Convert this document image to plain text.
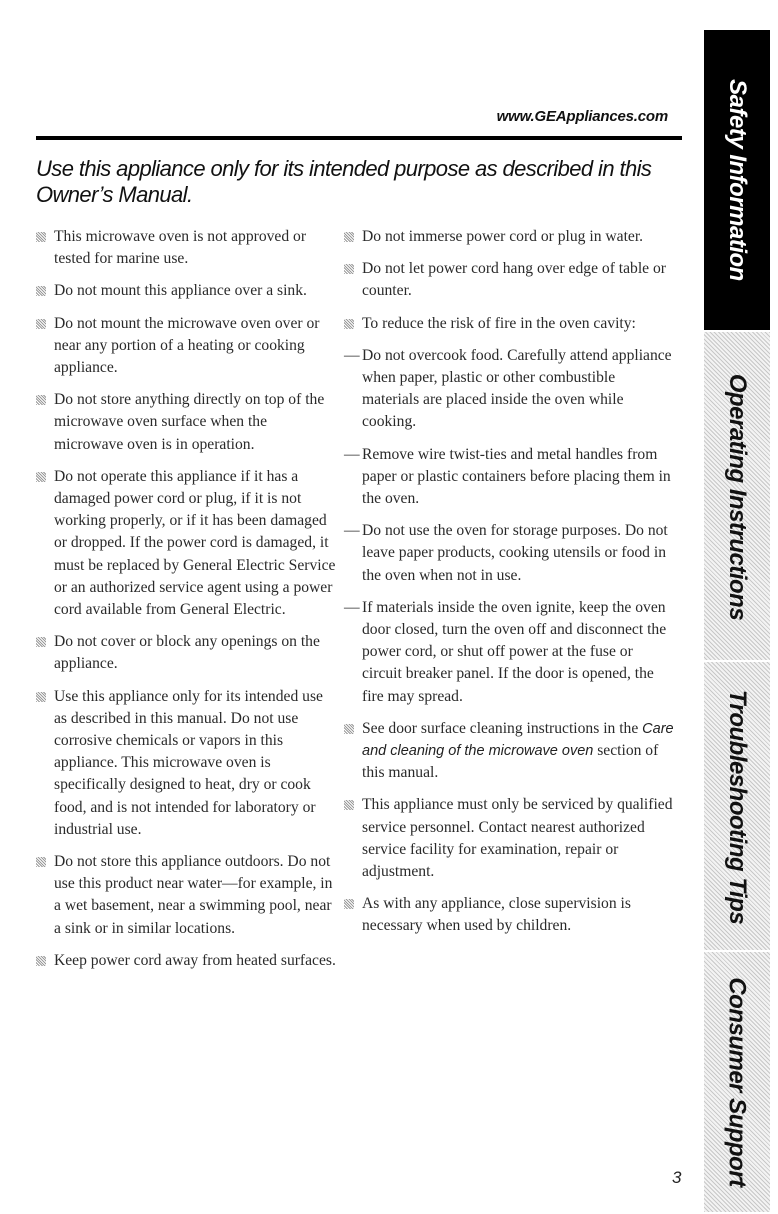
www.GEAppliances.com
Use this appliance only for its intended purpose as described in this Owner’s Manual.

This microwave oven is not approved or tested for marine use.

Do not mount this appliance over a sink.

Do not mount the microwave oven over or near any portion of a heating or cooking appliance.

Do not store anything directly on top of the microwave oven surface when the microwave oven is in operation.

Do not operate this appliance if it has a damaged power cord or plug, if it is not working properly, or if it has been damaged or dropped. If the power cord is damaged, it must be replaced by General Electric Service or an authorized service agent using a power cord available from General Electric.

Do not cover or block any openings on the appliance.

Use this appliance only for its intended use as described in this manual. Do not use corrosive chemicals or vapors in this appliance. This microwave oven is specifically designed to heat, dry or cook food, and is not intended for laboratory or industrial use.

Do not store this appliance outdoors. Do not use this product near water—for example, in a wet basement, near a swimming pool, near a sink or in similar locations.

Keep power cord away from heated surfaces.

Do not immerse power cord or plug in water.

Do not let power cord hang over edge of table or counter.

To reduce the risk of fire in the oven cavity:

— Do not overcook food. Carefully attend appliance when paper, plastic or other combustible materials are placed inside the oven while cooking.

— Remove wire twist-ties and metal handles from paper or plastic containers before placing them in the oven.

— Do not use the oven for storage purposes. Do not leave paper products, cooking utensils or food in the oven when not in use.

— If materials inside the oven ignite, keep the oven door closed, turn the oven off and disconnect the power cord, or shut off power at the fuse or circuit breaker panel. If the door is opened, the fire may spread.

See door surface cleaning instructions in the Care and cleaning of the microwave oven section of this manual.

This appliance must only be serviced by qualified service personnel. Contact nearest authorized service facility for examination, repair or adjustment.

As with any appliance, close supervision is necessary when used by children.

Safety Information
Operating Instructions
Troubleshooting Tips
Consumer Support
3
